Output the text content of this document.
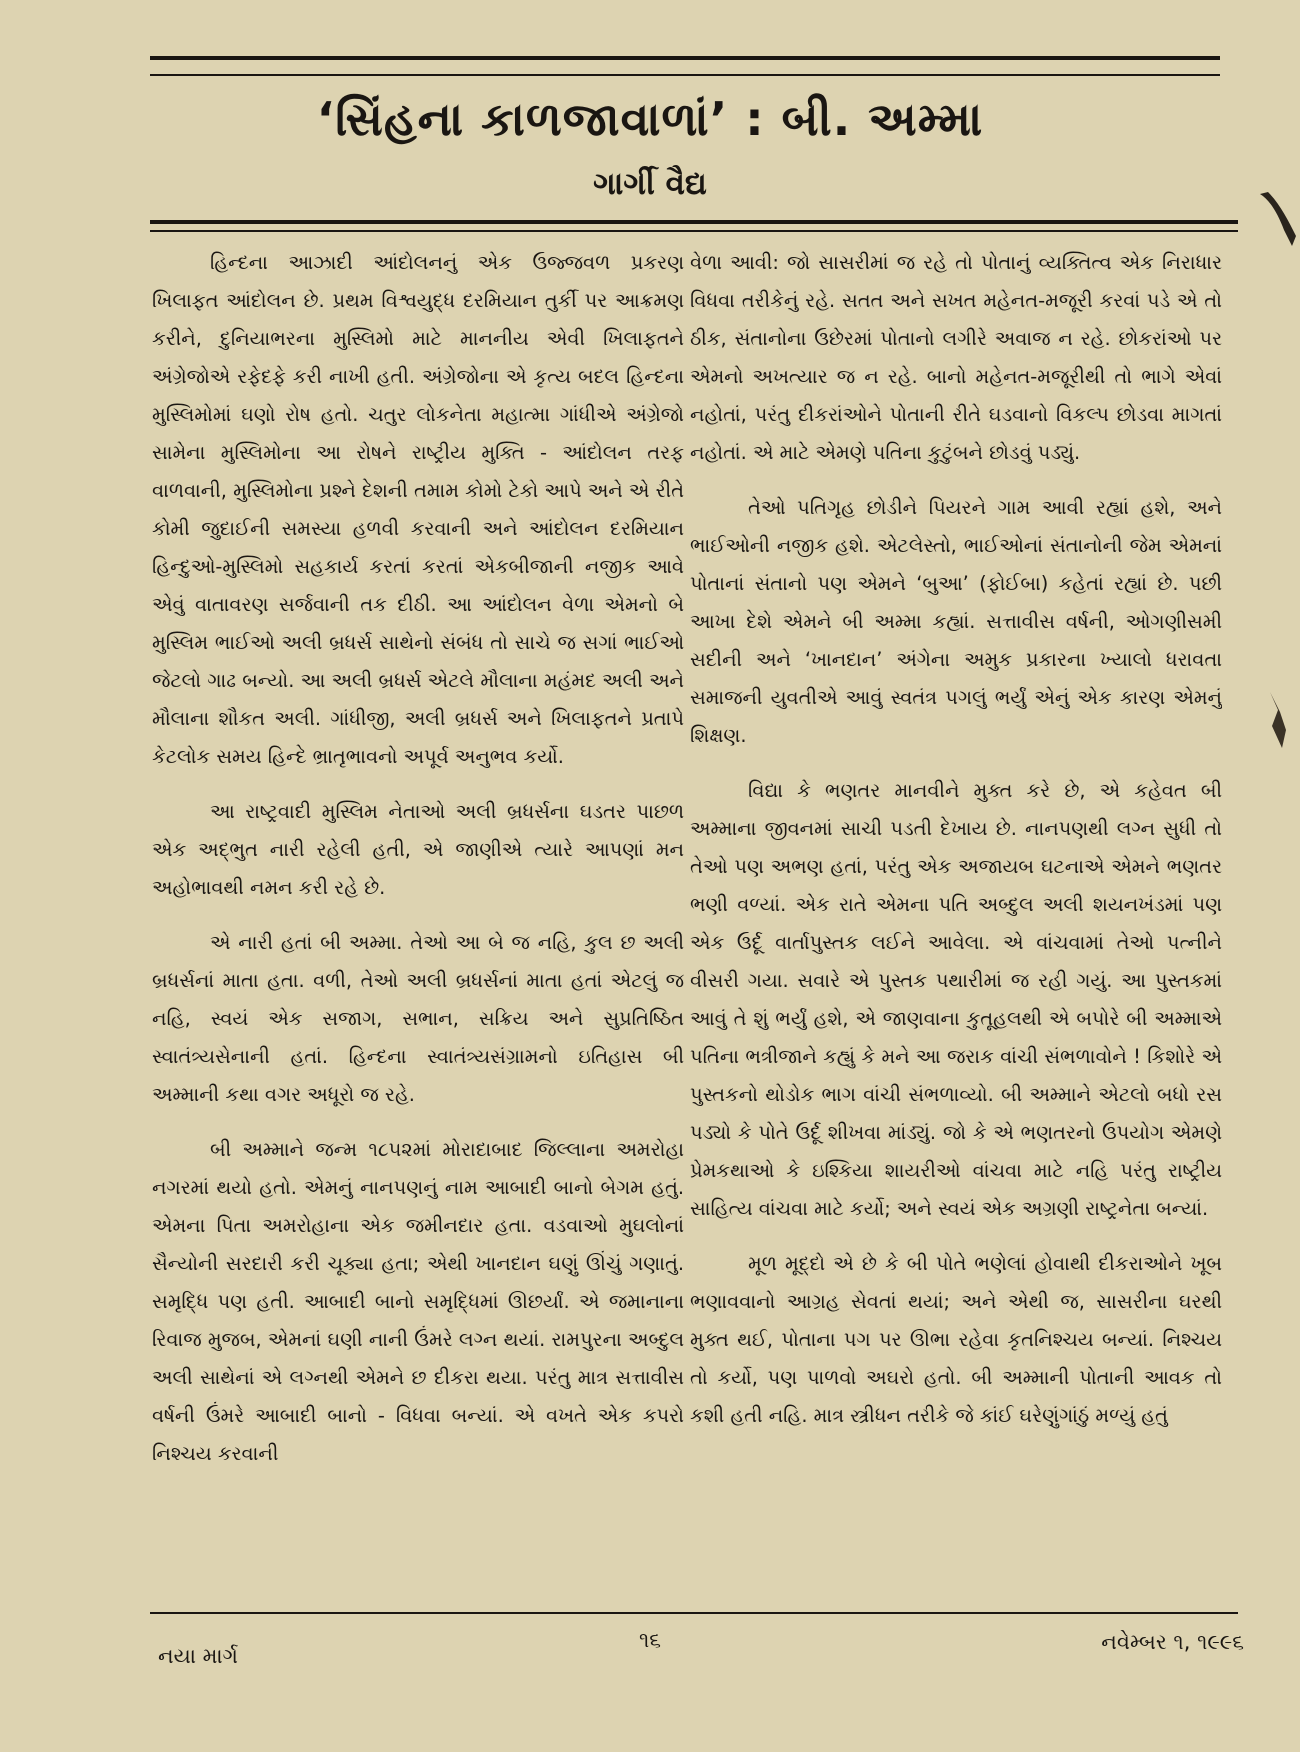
‘સિંહના કાળજાવાળાં’ : બી. અમ્મા
ગાર્ગી વૈદ્ય

હિન્દના આઝાદી આંદોલનનું એક ઉજ્જવળ પ્રકરણ ખિલાફત આંદોલન છે. પ્રથમ વિશ્વયુદ્ધ દરમિયાન તુર્કી પર આક્રમણ કરીને, દુનિયાભરના મુસ્લિમો માટે માનનીય એવી ખિલાફતને અંગ્રેજોએ રફેદફે કરી નાખી હતી. અંગ્રેજોના એ કૃત્ય બદલ હિન્દના મુસ્લિમોમાં ઘણો રોષ હતો. ચતુર લોકનેતા મહાત્મા ગાંધીએ અંગ્રેજો સામેના મુસ્લિમોના આ રોષને રાષ્ટ્રીય મુક્તિ - આંદોલન તરફ વાળવાની, મુસ્લિમોના પ્રશ્ને દેશની તમામ કોમો ટેકો આપે અને એ રીતે કોમી જુદાઈની સમસ્યા હળવી કરવાની અને આંદોલન દરમિયાન હિન્દુઓ-મુસ્લિમો સહકાર્ય કરતાં કરતાં એકબીજાની નજીક આવે એવું વાતાવરણ સર્જવાની તક દીઠી. આ આંદોલન વેળા એમનો બે મુસ્લિમ ભાઈઓ અલી બ્રધર્સ સાથેનો સંબંધ તો સાચે જ સગાં ભાઈઓ જેટલો ગાઢ બન્યો. આ અલી બ્રધર્સ એટલે મૌલાના મહંમદ અલી અને મૌલાના શૌકત અલી. ગાંધીજી, અલી બ્રધર્સ અને ખિલાફતને પ્રતાપે કેટલોક સમય હિન્દે ભ્રાતૃભાવનો અપૂર્વ અનુભવ કર્યો.

આ રાષ્ટ્રવાદી મુસ્લિમ નેતાઓ અલી બ્રધર્સના ઘડતર પાછળ એક અદ્‌ભુત નારી રહેલી હતી, એ જાણીએ ત્યારે આપણાં મન અહોભાવથી નમન કરી રહે છે.

એ નારી હતાં બી અમ્મા. તેઓ આ બે જ નહિ, કુલ છ અલી બ્રધર્સનાં માતા હતા. વળી, તેઓ અલી બ્રધર્સનાં માતા હતાં એટલું જ નહિ, સ્વયં એક સજાગ, સભાન, સક્રિય અને સુપ્રતિષ્ઠિત સ્વાતંત્ર્યસેનાની હતાં. હિન્દના સ્વાતંત્ર્યસંગ્રામનો ઇતિહાસ બી અમ્માની કથા વગર અધૂરો જ રહે.

બી અમ્માને જન્મ ૧૮૫૨માં મોરાદાબાદ જિલ્લાના અમરોહા નગરમાં થયો હતો. એમનું નાનપણનું નામ આબાદી બાનો બેગમ હતું. એમના પિતા અમરોહાના એક જમીનદાર હતા. વડવાઓ મુઘલોનાં સૈન્યોની સરદારી કરી ચૂક્યા હતા; એથી ખાનદાન ઘણું ઊંચું ગણાતું. સમૃદ્ધિ પણ હતી. આબાદી બાનો સમૃદ્ધિમાં ઊછર્યાં. એ જમાનાના રિવાજ મુજબ, એમનાં ઘણી નાની ઉંમરે લગ્ન થયાં. રામપુરના અબ્દુલ અલી સાથેનાં એ લગ્નથી એમને છ દીકરા થયા. પરંતુ માત્ર સત્તાવીસ વર્ષની ઉંમરે આબાદી બાનો - વિધવા બન્યાં. એ વખતે એક કપરો નિશ્ચય કરવાની

વેળા આવી: જો સાસરીમાં જ રહે તો પોતાનું વ્યક્તિત્વ એક નિરાધાર વિધવા તરીકેનું રહે. સતત અને સખત મહેનત-મજૂરી કરવાં પડે એ તો ઠીક, સંતાનોના ઉછેરમાં પોતાનો લગીરે અવાજ ન રહે. છોકરાંઓ પર એમનો અખત્યાર જ ન રહે. બાનો મહેનત-મજૂરીથી તો ભાગે એવાં નહોતાં, પરંતુ દીકરાંઓને પોતાની રીતે ઘડવાનો વિકલ્પ છોડવા માગતાં નહોતાં. એ માટે એમણે પતિના કુટુંબને છોડવું પડ્યું.

તેઓ પતિગૃહ છોડીને પિયરને ગામ આવી રહ્યાં હશે, અને ભાઈઓની નજીક હશે. એટલેસ્તો, ભાઈઓનાં સંતાનોની જેમ એમનાં પોતાનાં સંતાનો પણ એમને ‘બુઆ’ (ફોઈબા) કહેતાં રહ્યાં છે. પછી આખા દેશે એમને બી અમ્મા કહ્યાં. સત્તાવીસ વર્ષની, ઓગણીસમી સદીની અને ‘ખાનદાન’ અંગેના અમુક પ્રકારના ખ્યાલો ધરાવતા સમાજની યુવતીએ આવું સ્વતંત્ર પગલું ભર્યું એનું એક કારણ એમનું શિક્ષણ.

વિદ્યા કે ભણતર માનવીને મુક્ત કરે છે, એ કહેવત બી અમ્માના જીવનમાં સાચી પડતી દેખાય છે. નાનપણથી લગ્ન સુધી તો તેઓ પણ અભણ હતાં, પરંતુ એક અજાયબ ઘટનાએ એમને ભણતર ભણી વળ્યાં. એક રાતે એમના પતિ અબ્દુલ અલી શયનખંડમાં પણ એક ઉર્દૂ વાર્તાપુસ્તક લઈને આવેલા. એ વાંચવામાં તેઓ પત્નીને વીસરી ગયા. સવારે એ પુસ્તક પથારીમાં જ રહી ગયું. આ પુસ્તકમાં આવું તે શું ભર્યું હશે, એ જાણવાના કુતૂહલથી એ બપોરે બી અમ્માએ પતિના ભત્રીજાને કહ્યું કે મને આ જરાક વાંચી સંભળાવોને ! કિશોરે એ પુસ્તકનો થોડોક ભાગ વાંચી સંભળાવ્યો. બી અમ્માને એટલો બધો રસ પડ્યો કે પોતે ઉર્દૂ શીખવા માંડ્યું. જો કે એ ભણતરનો ઉપયોગ એમણે પ્રેમકથાઓ કે ઇશ્કિયા શાયરીઓ વાંચવા માટે નહિ પરંતુ રાષ્ટ્રીય સાહિત્ય વાંચવા માટે કર્યો; અને સ્વયં એક અગ્રણી રાષ્ટ્રનેતા બન્યાં.

મૂળ મૂદ્દો એ છે કે બી પોતે ભણેલાં હોવાથી દીકરાઓને ખૂબ ભણાવવાનો આગ્રહ સેવતાં થયાં; અને એથી જ, સાસરીના ઘરથી મુક્ત થઈ, પોતાના પગ પર ઊભા રહેવા કૃતનિશ્ચય બન્યાં. નિશ્ચય તો કર્યો, પણ પાળવો અઘરો હતો. બી અમ્માની પોતાની આવક તો કશી હતી નહિ. માત્ર સ્ત્રીધન તરીકે જે કાંઈ ઘરેણુંગાંઠું મળ્યું હતું

નયા માર્ગ
૧૬	નવેમ્બર ૧, ૧૯૯૬
